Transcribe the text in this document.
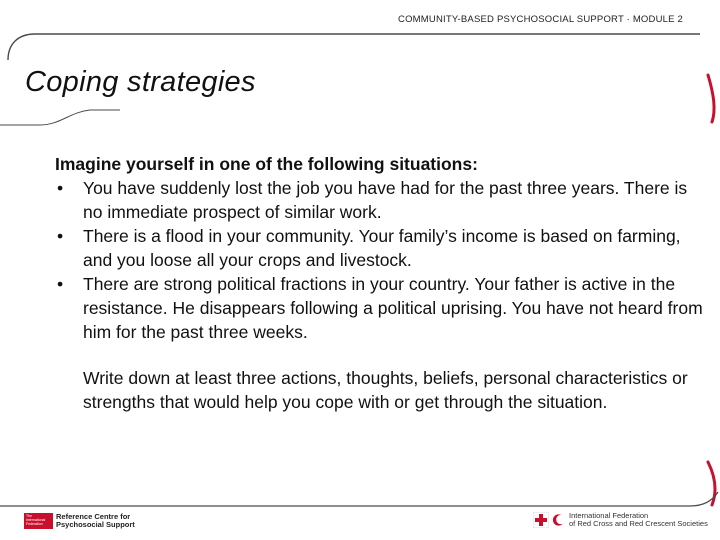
COMMUNITY-BASED PSYCHOSOCIAL SUPPORT · MODULE 2
Coping strategies
Imagine yourself in one of the following situations:
• You have suddenly lost the job you have had for the past three years. There is no immediate prospect of similar work.
• There is a flood in your community. Your family’s income is based on farming, and you loose all your crops and livestock.
• There are strong political fractions in your country. Your father is active in the resistance. He disappears following a political uprising. You have not heard from him for the past three weeks.
Write down at least three actions, thoughts, beliefs, personal characteristics or strengths that would help you cope with or get through the situation.
The International Federation
Reference Centre for
Psychosocial Support
International Federation
of Red Cross and Red Crescent Societies
